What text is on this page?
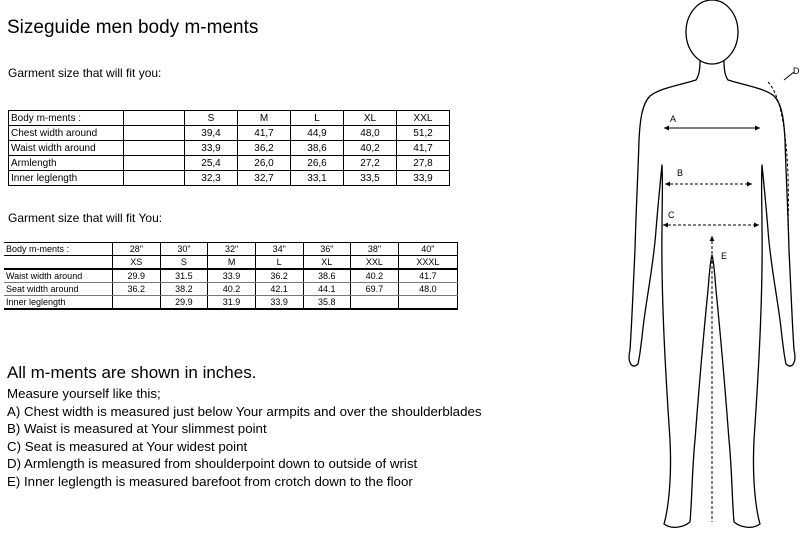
Sizeguide men body m-ments
Garment size that will fit you:
Body m-ments :		S	M	L	XL	XXL
Chest width around		39,4	41,7	44,9	48,0	51,2
Waist width around		33,9	36,2	38,6	40,2	41,7
Armlength		25,4	26,0	26,6	27,2	27,8
Inner leglength		32,3	32,7	33,1	33,5	33,9
Garment size that will fit You:
Body m-ments :	28"	30"	32"	34"	36"	38"	40"
	XS	S	M	L	XL	XXL	XXXL
Waist width around	29.9	31.5	33.9	36.2	38.6	40.2	41.7
Seat width around	36.2	38.2	40.2	42.1	44.1	69.7	48.0
Inner leglength		29.9	31.9	33.9	35.8		
All m-ments are shown in inches.
Measure yourself like this;
A) Chest width is measured just below Your armpits and over the shoulderblades
B) Waist is measured at Your slimmest point
C) Seat is measured at Your widest point
D) Armlength is measured from shoulderpoint down to outside of wrist
E) Inner leglength is measured barefoot from crotch down to the floor
A
B
C
D
E
